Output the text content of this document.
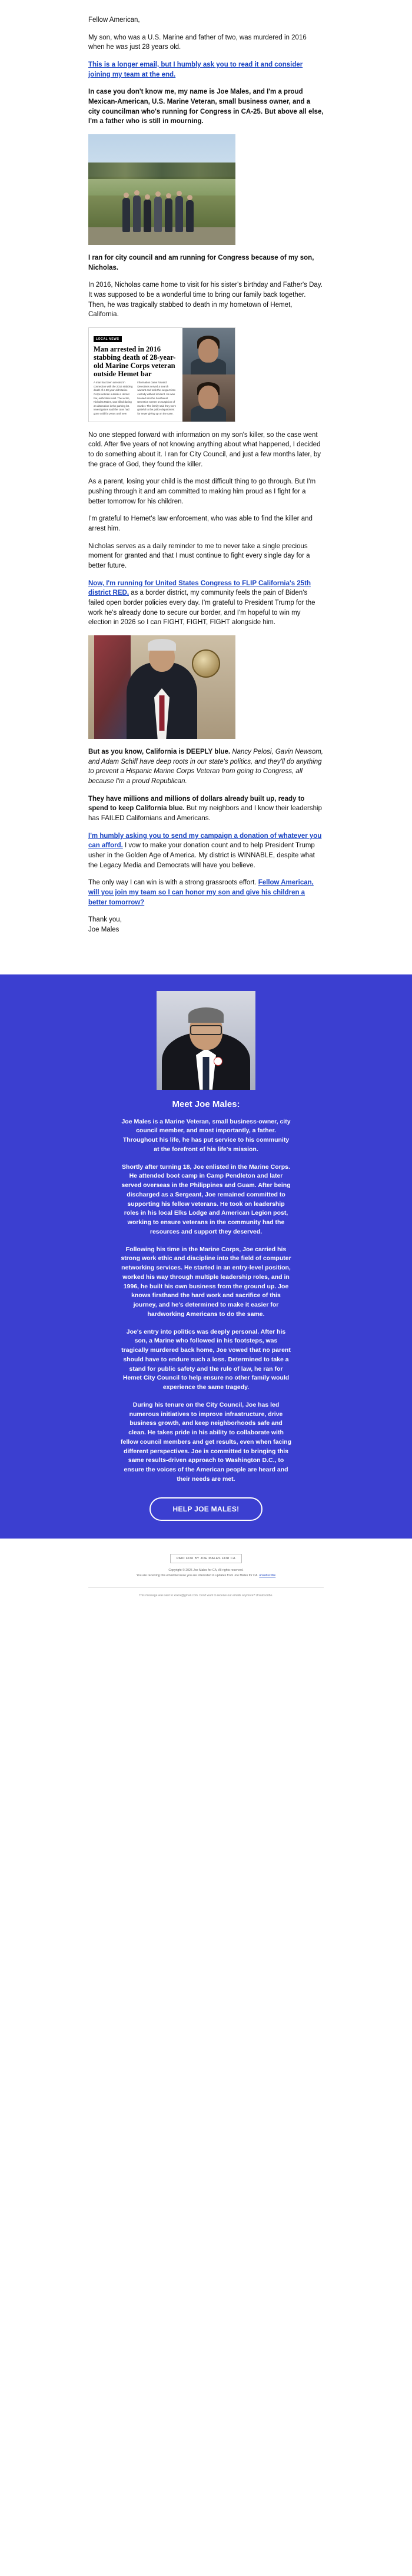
Fellow American,

My son, who was a U.S. Marine and father of two, was murdered in 2016 when he was just 28 years old.

This is a longer email, but I humbly ask you to read it and consider joining my team at the end.

In case you don't know me, my name is Joe Males, and I'm a proud Mexican-American, U.S. Marine Veteran, small business owner, and a city councilman who's running for Congress in CA-25. But above all else, I'm a father who is still in mourning.

I ran for city council and am running for Congress because of my son, Nicholas.

In 2016, Nicholas came home to visit for his sister's birthday and Father's Day. It was supposed to be a wonderful time to bring our family back together. Then, he was tragically stabbed to death in my hometown of Hemet, California.

LOCAL NEWS
Man arrested in 2016 stabbing death of 28-year-old Marine Corps veteran outside Hemet bar
A man has been arrested in connection with the 2016 stabbing death of a 28-year-old Marine Corps veteran outside a Hemet bar, authorities said. The victim, Nicholas Males, was killed during an altercation in the parking lot. Investigators said the case had gone cold for years until new information came forward. Detectives served a search warrant and took the suspect into custody without incident. He was booked into the Southwest Detention Center on suspicion of murder. The family said they were grateful to the police department for never giving up on the case.

No one stepped forward with information on my son's killer, so the case went cold. After five years of not knowing anything about what happened, I decided to do something about it. I ran for City Council, and just a few months later, by the grace of God, they found the killer.

As a parent, losing your child is the most difficult thing to go through. But I'm pushing through it and am committed to making him proud as I fight for a better tomorrow for his children.

I'm grateful to Hemet's law enforcement, who was able to find the killer and arrest him.

Nicholas serves as a daily reminder to me to never take a single precious moment for granted and that I must continue to fight every single day for a better future.

Now, I'm running for United States Congress to FLIP California's 25th district RED, as a border district, my community feels the pain of Biden's failed open border policies every day. I'm grateful to President Trump for the work he's already done to secure our border, and I'm hopeful to win my election in 2026 so I can FIGHT, FIGHT, FIGHT alongside him.

But as you know, California is DEEPLY blue. Nancy Pelosi, Gavin Newsom, and Adam Schiff have deep roots in our state's politics, and they'll do anything to prevent a Hispanic Marine Corps Veteran from going to Congress, all because I'm a proud Republican.

They have millions and millions of dollars already built up, ready to spend to keep California blue. But my neighbors and I know their leadership has FAILED Californians and Americans.

I'm humbly asking you to send my campaign a donation of whatever you can afford. I vow to make your donation count and to help President Trump usher in the Golden Age of America. My district is WINNABLE, despite what the Legacy Media and Democrats will have you believe.

The only way I can win is with a strong grassroots effort. Fellow American, will you join my team so I can honor my son and give his children a better tomorrow?

Thank you,

Joe Males

Meet Joe Males:

Joe Males is a Marine Veteran, small business-owner, city council member, and most importantly, a father. Throughout his life, he has put service to his community at the forefront of his life's mission.

Shortly after turning 18, Joe enlisted in the Marine Corps. He attended boot camp in Camp Pendleton and later served overseas in the Philippines and Guam. After being discharged as a Sergeant, Joe remained committed to supporting his fellow veterans. He took on leadership roles in his local Elks Lodge and American Legion post, working to ensure veterans in the community had the resources and support they deserved.

Following his time in the Marine Corps, Joe carried his strong work ethic and discipline into the field of computer networking services. He started in an entry-level position, worked his way through multiple leadership roles, and in 1996, he built his own business from the ground up. Joe knows firsthand the hard work and sacrifice of this journey, and he's determined to make it easier for hardworking Americans to do the same.

Joe's entry into politics was deeply personal. After his son, a Marine who followed in his footsteps, was tragically murdered back home, Joe vowed that no parent should have to endure such a loss. Determined to take a stand for public safety and the rule of law, he ran for Hemet City Council to help ensure no other family would experience the same tragedy.

During his tenure on the City Council, Joe has led numerous initiatives to improve infrastructure, drive business growth, and keep neighborhoods safe and clean. He takes pride in his ability to collaborate with fellow council members and get results, even when facing different perspectives. Joe is committed to bringing this same results-driven approach to Washington D.C., to ensure the voices of the American people are heard and their needs are met.

HELP JOE MALES!
PAID FOR BY JOE MALES FOR CA
Copyright © 2025 Joe Males for CA, All rights reserved.
You are receiving this email because you are interested in updates from Joe Males for CA. unsubscribe
This message was sent to xxxxx@gmail.com. Don't want to receive our emails anymore? Unsubscribe.
